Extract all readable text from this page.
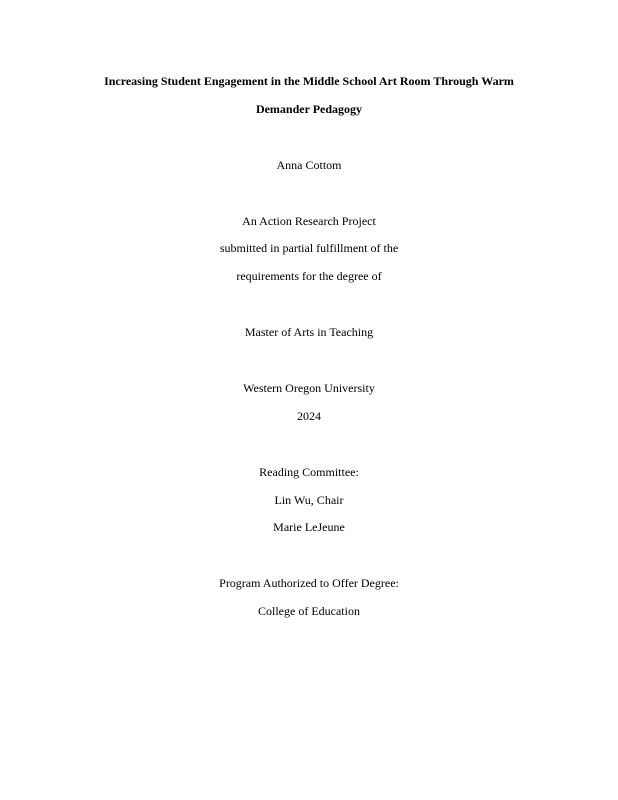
Increasing Student Engagement in the Middle School Art Room Through Warm
Demander Pedagogy
Anna Cottom
An Action Research Project
submitted in partial fulfillment of the
requirements for the degree of
Master of Arts in Teaching
Western Oregon University
2024
Reading Committee:
Lin Wu, Chair
Marie LeJeune
Program Authorized to Offer Degree:
College of Education
